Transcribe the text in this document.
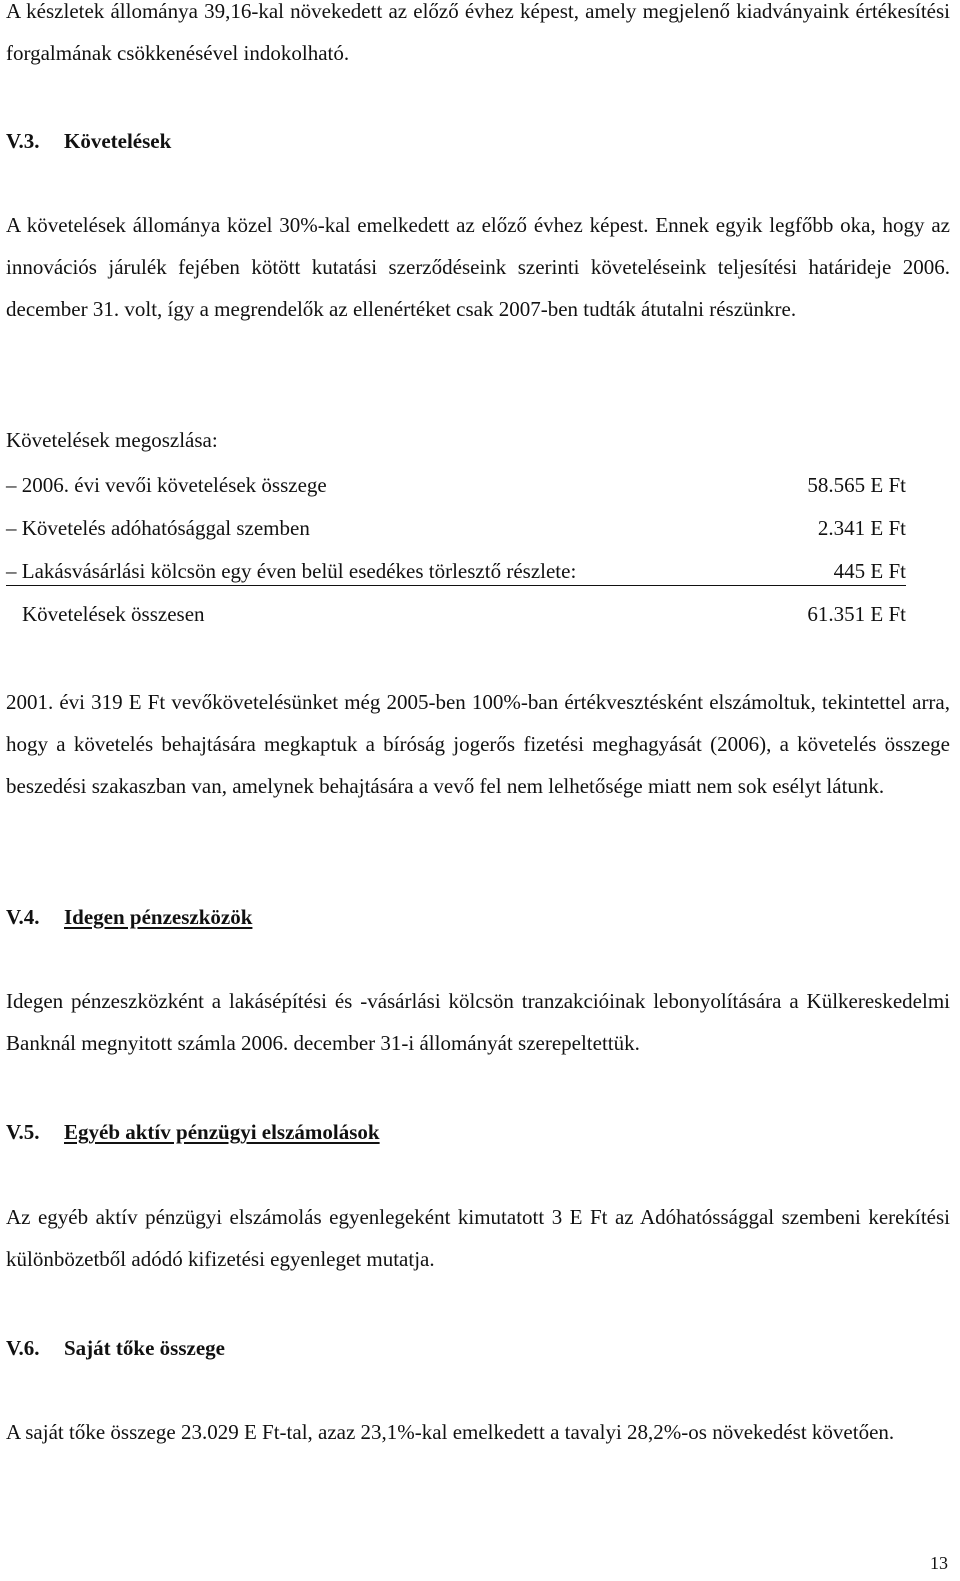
A készletek állománya 39,16-kal növekedett az előző évhez képest, amely megjelenő kiadványaink értékesítési forgalmának csökkenésével indokolható.

V.3. Követelések

A követelések állománya közel 30%-kal emelkedett az előző évhez képest. Ennek egyik legfőbb oka, hogy az innovációs járulék fejében kötött kutatási szerződéseink szerinti követeléseink teljesítési határideje 2006. december 31. volt, így a megrendelők az ellenértéket csak 2007-ben tudták átutalni részünkre.

Követelések megoszlása:
– 2006. évi vevői követelések összege	58.565 E Ft
– Követelés adóhatósággal szemben	2.341 E Ft
– Lakásvásárlási kölcsön egy éven belül esedékes törlesztő részlete:	445 E Ft
Követelések összesen	61.351 E Ft

2001. évi 319 E Ft vevőkövetelésünket még 2005-ben 100%-ban értékvesztésként elszámoltuk, tekintettel arra, hogy a követelés behajtására megkaptuk a bíróság jogerős fizetési meghagyását (2006), a követelés összege beszedési szakaszban van, amelynek behajtására a vevő fel nem lelhetősége miatt nem sok esélyt látunk.

V.4. Idegen pénzeszközök

Idegen pénzeszközként a lakásépítési és -vásárlási kölcsön tranzakcióinak lebonyolítására a Külkereskedelmi Banknál megnyitott számla 2006. december 31-i állományát szerepeltettük.

V.5. Egyéb aktív pénzügyi elszámolások

Az egyéb aktív pénzügyi elszámolás egyenlegeként kimutatott 3 E Ft az Adóhatóssággal szembeni kerekítési különbözetből adódó kifizetési egyenleget mutatja.

V.6. Saját tőke összege

A saját tőke összege 23.029 E Ft-tal, azaz 23,1%-kal emelkedett a tavalyi 28,2%-os növekedést követően.

13
